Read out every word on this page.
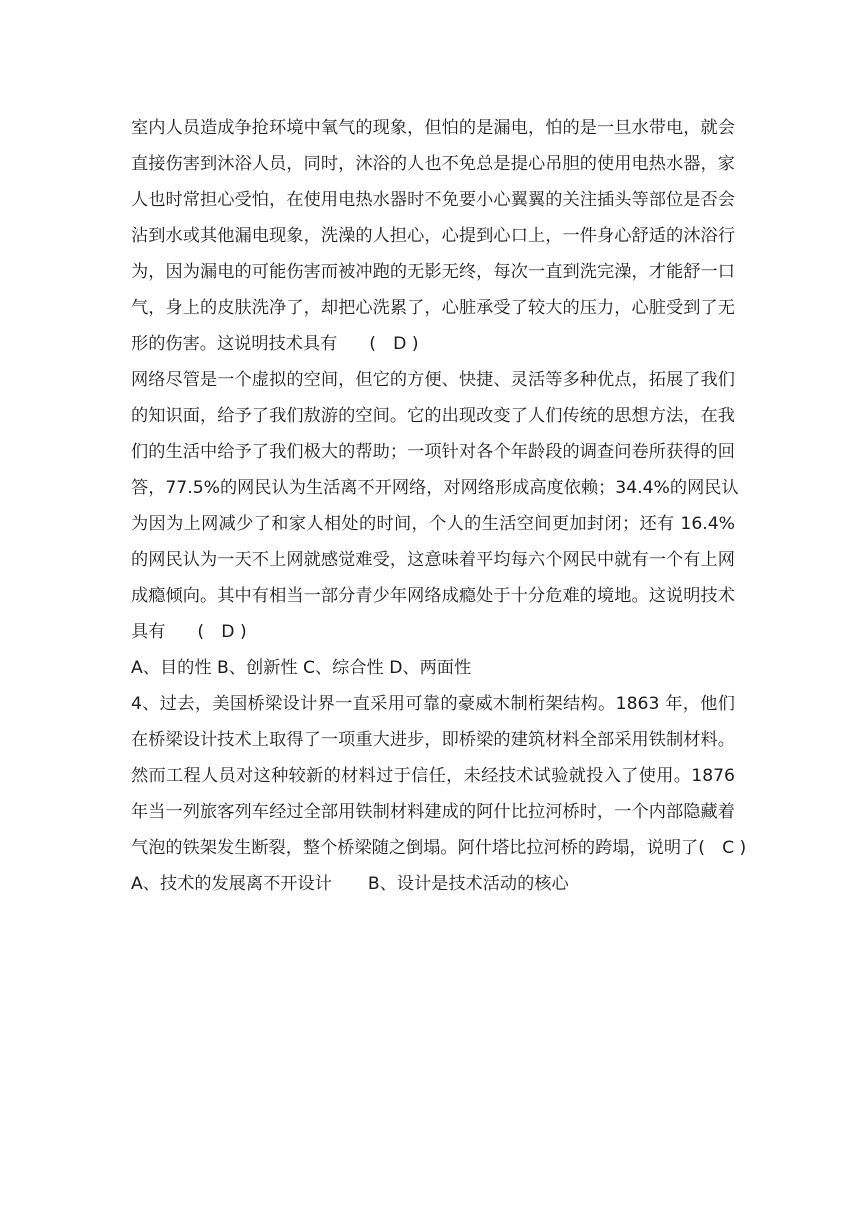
室内人员造成争抢环境中氧气的现象，但怕的是漏电，怕的是一旦水带电，就会
直接伤害到沐浴人员，同时，沐浴的人也不免总是提心吊胆的使用电热水器，家
人也时常担心受怕，在使用电热水器时不免要小心翼翼的关注插头等部位是否会
沾到水或其他漏电现象，洗澡的人担心，心提到心口上，一件身心舒适的沐浴行
为，因为漏电的可能伤害而被冲跑的无影无终，每次一直到洗完澡，才能舒一口
气，身上的皮肤洗净了，却把心洗累了，心脏承受了较大的压力，心脏受到了无
形的伤害。这说明技术具有 (　D )
网络尽管是一个虚拟的空间，但它的方便、快捷、灵活等多种优点，拓展了我们
的知识面，给予了我们敖游的空间。它的出现改变了人们传统的思想方法，在我
们的生活中给予了我们极大的帮助；一项针对各个年龄段的调查问卷所获得的回
答，77.5%的网民认为生活离不开网络，对网络形成高度依赖；34.4%的网民认
为因为上网减少了和家人相处的时间，个人的生活空间更加封闭；还有 16.4%
的网民认为一天不上网就感觉难受，这意味着平均每六个网民中就有一个有上网
成瘾倾向。其中有相当一部分青少年网络成瘾处于十分危难的境地。这说明技术
具有 (　D )
A、目的性 B、创新性 C、综合性 D、两面性
4、过去，美国桥梁设计界一直采用可靠的豪威木制桁架结构。1863 年，他们
在桥梁设计技术上取得了一项重大进步，即桥梁的建筑材料全部采用铁制材料。
然而工程人员对这种较新的材料过于信任，未经技术试验就投入了使用。1876
年当一列旅客列车经过全部用铁制材料建成的阿什比拉河桥时，一个内部隐藏着
气泡的铁架发生断裂，整个桥梁随之倒塌。阿什塔比拉河桥的跨塌，说明了(　C )
A、技术的发展离不开设计 B、设计是技术活动的核心
